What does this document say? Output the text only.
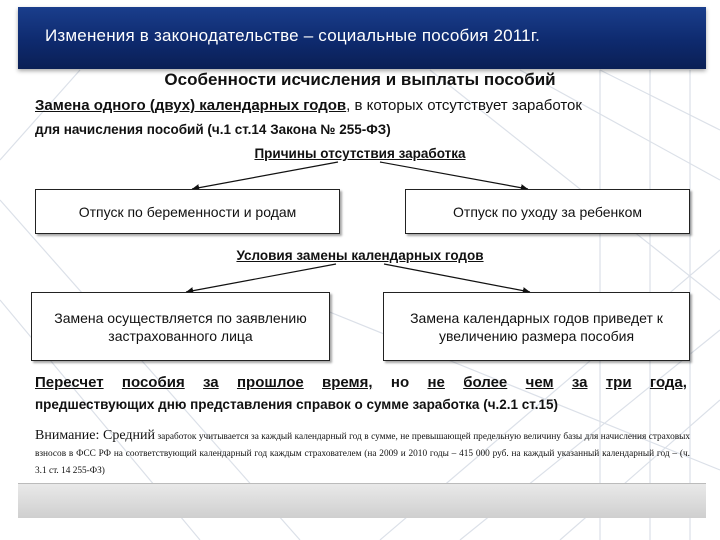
Изменения в законодательстве – социальные пособия 2011г.
Особенности исчисления и выплаты пособий
Замена одного (двух) календарных годов, в которых отсутствует заработок
для начисления пособий (ч.1 ст.14 Закона № 255-ФЗ)
Причины отсутствия заработка
Отпуск по беременности и родам	Отпуск по уходу за ребенком
Условия замены календарных годов
Замена осуществляется по заявлению застрахованного лица
Замена календарных годов приведет к увеличению размера пособия
Пересчет пособия за прошлое время, но не более чем за три года,
предшествующих дню представления справок о сумме заработка (ч.2.1 ст.15)
Внимание: Средний заработок учитывается за каждый календарный год в сумме, не превышающей предельную величину базы для начисления страховых взносов в ФСС РФ на соответствующий календарный год каждым страхователем (на 2009 и 2010 годы – 415 000 руб. на каждый указанный календарный год – (ч. 3.1 ст. 14 255-ФЗ)
